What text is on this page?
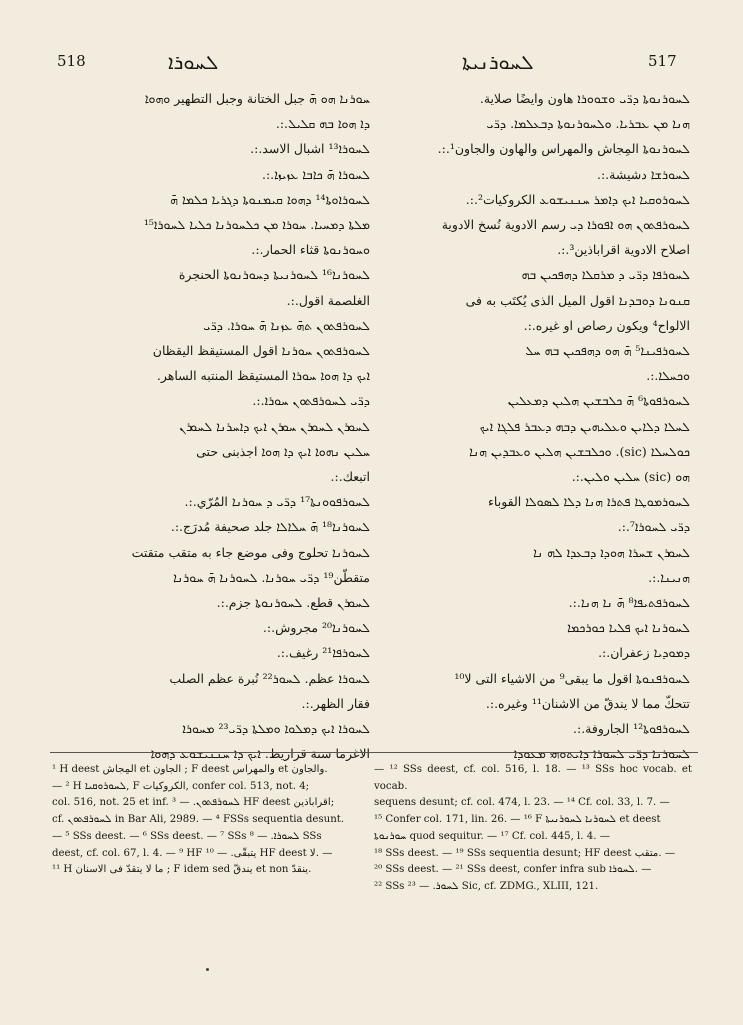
518	ܠܚܘܪܐ	ܠܚܘܪܢܝܬܐ	517

ܚܘܪܢܐ ܗܘ ܗ̄ جبل الختانة وجبل التطهير ܘܗܘܐ

ܕܐ ܗܘܐ ܒܗ ܩܠܝܠ.:.

ܠܚܘܪܐ¹³ اشبال الاسد.:.

ܠܚܘܪܐ ܗ̄ ܟܐܒܐ ܥܙܝܙܐ.:.

ܠܚܘܪܐܘܬܐ¹⁴ ܕܗܘܐ ܩܝܡܢܘܬܐ ܕܓܪܝܐ ܟܠܡܐ ܗ̄

ܡܠܬܐ ܕܡܚܝܐ. ܚܘܪܐ ܡܢ ܟܠܚܘܪܢܐ ܟܠܝܐ ܠܚܘܪܐ¹⁵

ܘܚܘܪܢܘܬܐ قثاء الحمار.:.

ܠܚܘܪܢܐ¹⁶ ܠܚܘܪܢܝܬܐ ܕܚܘܪܢܘܬܐ الحنجرة

الغلصمة اقول.:.

ܠܚܘܪܦܬܘܢ ܬܗ̄ ܥܙܢܐ ܗ̄ ܚܘܪܐ. ܕܪ̈ܝ

ܠܚܘܪܦܬܘܢ ܚܘܪܢܐ اقول المستيقظ اليقظان

ܐܝܟ ܕܐ ܗܘܐ ܚܘܪܐ المستيقظ المنتبه الساهر.

ܕܪ̈ܝ ܠܚܘܪܦܬܘܢ ܚܘܪܐ.:.

ܠܚܘܪܢ ܠܚܘܪܢ ܚܘܪܢ ܐܝܟ ܕܐܚܪܢܐ ܠܚܘܪܢ

ܚܠܝܢ ܢܗܘܐ ܐܝܟ ܕܐ ܗܘܐ اجذبنى حتى

اتبعك.:.

ܠܚܘܪܦܘܘܢܬܐ¹⁷ ܕܪ̈ܝ ܕ ܚܘܪܢܐ المُرّي.:.

ܠܚܘܪܢܐ¹⁸ ܗ̄ ܚܠܐܠܐ جلد صحيفة مُدرَج.:.

ܠܚܘܪܢܐ تحلوج وفى موضع جاء به متقب متقتت

متقطّن¹⁹ ܕܪ̈ܝ ܚܘܪܢܐ. ܠܚܘܪܢܐ ܗ̄ ܚܘܪܢܐ

ܠܚܘܪܢ قطع. ܠܚܘܪܢܘܬܐ جزم.:.

ܠܚܘܪܢܐ²⁰ مجروش.:.

ܠܚܘܪܦܐ²¹ رغيف.:.

ܠܚܘܪܐ عظم. ܠܚܘܪ²² نُبرة عظم الصلب

فقار الظهر.:.

ܠܚܘܪܐ ܐܝܟ ܕܡܠܘܐ ܘܡܠܬܐ ܕܪ̈ܝ²³ ܡܚܘܪܐ

الاغرما ستة قراريط. ܐܝܟ ܕܐ ܚܢܢܝܫܘܥ ܕܗܘܐ

ܠܚܘܪܢܘܬܐ ܕܪ̈ܝ ܘܫܘܘܪܐ هاون وايضًا صلاية.

ܗܢܐ ܡܢ ܥܒܪܝܐ. ܘܠܚܘܪܢܘܬܐ ܕܒܥܠܡܐ. ܕܪ̈ܝ

ܠܚܘܪܢܘܬܐ المِجاش والمهراس والهاون والجاون¹.:.

ܠܚܘܪܫܐ دشيشة.:.

ܠܚܘܪܘܩܝܐ ܐܝܟ ܕܐܡܪ ܚܢܢܝܫܘܥ الكروكيات².:.

ܠܚܘܪܦܬܘܢ ܗܘ ܐܦܘܪܐ ܕܝ رسم الادوية نُسخ الادوية

اصلاح الادوية اقراباذين³.:.

ܠܚܘܪܦܐ ܕܪ̈ܝ ܕ ܡܪܩܠܐ ܕܗܦܟܝܢ ܒܗ

ܩܢܘܢܐ ܕܘܒܕܢܐ اقول الميل الذى يُكتَب به فى

الالواح⁴ ويكون رصاص او غيره.:.

ܠܚܘܪܦܝܢܐ⁵ ܗ̄ ܗܘ ܕܗܦܟܝܢ ܒܗ ܚܠ

ܘܟܚܠܐ.:.

ܠܚܘܪܦܘܬܐ⁶ ܗ̄ ܟܠܒܫܝܢ ܗܠܝܢ ܕܡܥܠܝܢ

ܠܚܠܐ ܕܠܐܝܢ ܘܥܠܝܗܝܢ ܕܒܗ ܕܥܒܪ ܦܠܓܐ ܐܝܟ

ܟܘܠܚܠܐ (sic). ܘܟܠܒܫܝܢ ܗܠܝܢ ܘܥܒܕܝܢ ܗܢܐ

ܗܘ (sic) ܚܠܝܢ ܘܠܝܢ.:.

ܠܚܘܪܡܘܛܐ ܦܬܪܐ ܗܢܐ ܕܠܐ ܠܣܘܠܐ القوباء

ܕܪ̈ܝ ܠܚܘܪܐ⁷.:.

ܠܚܘܪܢ ܫܚܪܐ ܗܘܕܐ ܕܒܥܕܐ ܠܗ ܢܐ

ܗܢܝܢܐ.:.

ܠܚܘܪܦܬܝܦܐ⁸ ܗ̄ ܢܐ ܗܢܐ.:.

ܠܚܘܪܢܐ ܐܝܟ ܦܠܝܐ ܟܘܪܟܡܐ

ܕܡܘܕܝܐ زعفران.:.

ܠܚܘܪܦܢܘܬܐ اقول ما يبقى⁹ من الاشياء التى لا¹⁰

تتحكّ مما لا يندقّ من الاشنان¹¹ وغيره.:.

ܠܚܘܪܦܘܬܐ¹² الجاروفة.:.

ܠܚܘܪܢܐ ܕܪ̈ܝ ܠܚܘܪܐ ܕܐܝܬܘܗܝ ܡܥܘܕܐ

¹ H deest المِجاش et الجاون ; F deest والمهراس et والجاون.

— ² H ܠܚܘܪܘܩܝܐ, F الكروكيات, confer col. 513, not. 4;

col. 516, not. 25 et inf. ܠܚܘܪܦܬܘܢ. — ³ HF deest اقراباذين;

cf. ܠܚܘܪܦܬܘܢ in Bar Ali, 2989. — ⁴ FSSs sequentia desunt.

— ⁵ SSs deest. — ⁶ SSs deest. — ⁷ SSs ܠܚܘܪܐ. — ⁸ SSs

deest, cf. col. 67, l. 4. — ⁹ HF يتبقّى. — ¹⁰ HF deest لا. —

¹¹ H ما لا يتقدّ فى الاسنان ; F idem sed يندقّ et non ينقدّ.

— ¹² SSs deest, cf. col. 516, l. 18. — ¹³ SSs hoc vocab. et vocab.

sequens desunt; cf. col. 474, l. 23. — ¹⁴ Cf. col. 33, l. 7. —

¹⁵ Confer col. 171, lin. 26. — ¹⁶ F ܠܚܘܪܢܐ ܠܚܘܪܢܝܬܐ et deest

ܚܘܪܢܘܬܐ quod sequitur. — ¹⁷ Cf. col. 445, l. 4. —

¹⁸ SSs deest. — ¹⁹ SSs sequentia desunt; HF deest متقب. —

²⁰ SSs deest. — ²¹ SSs deest, confer infra sub ܠܚܘܪܐ. —

²² SSs ܠܚܘܪ. — ²³ Sic, cf. ZDMG., XLIII, 121.
